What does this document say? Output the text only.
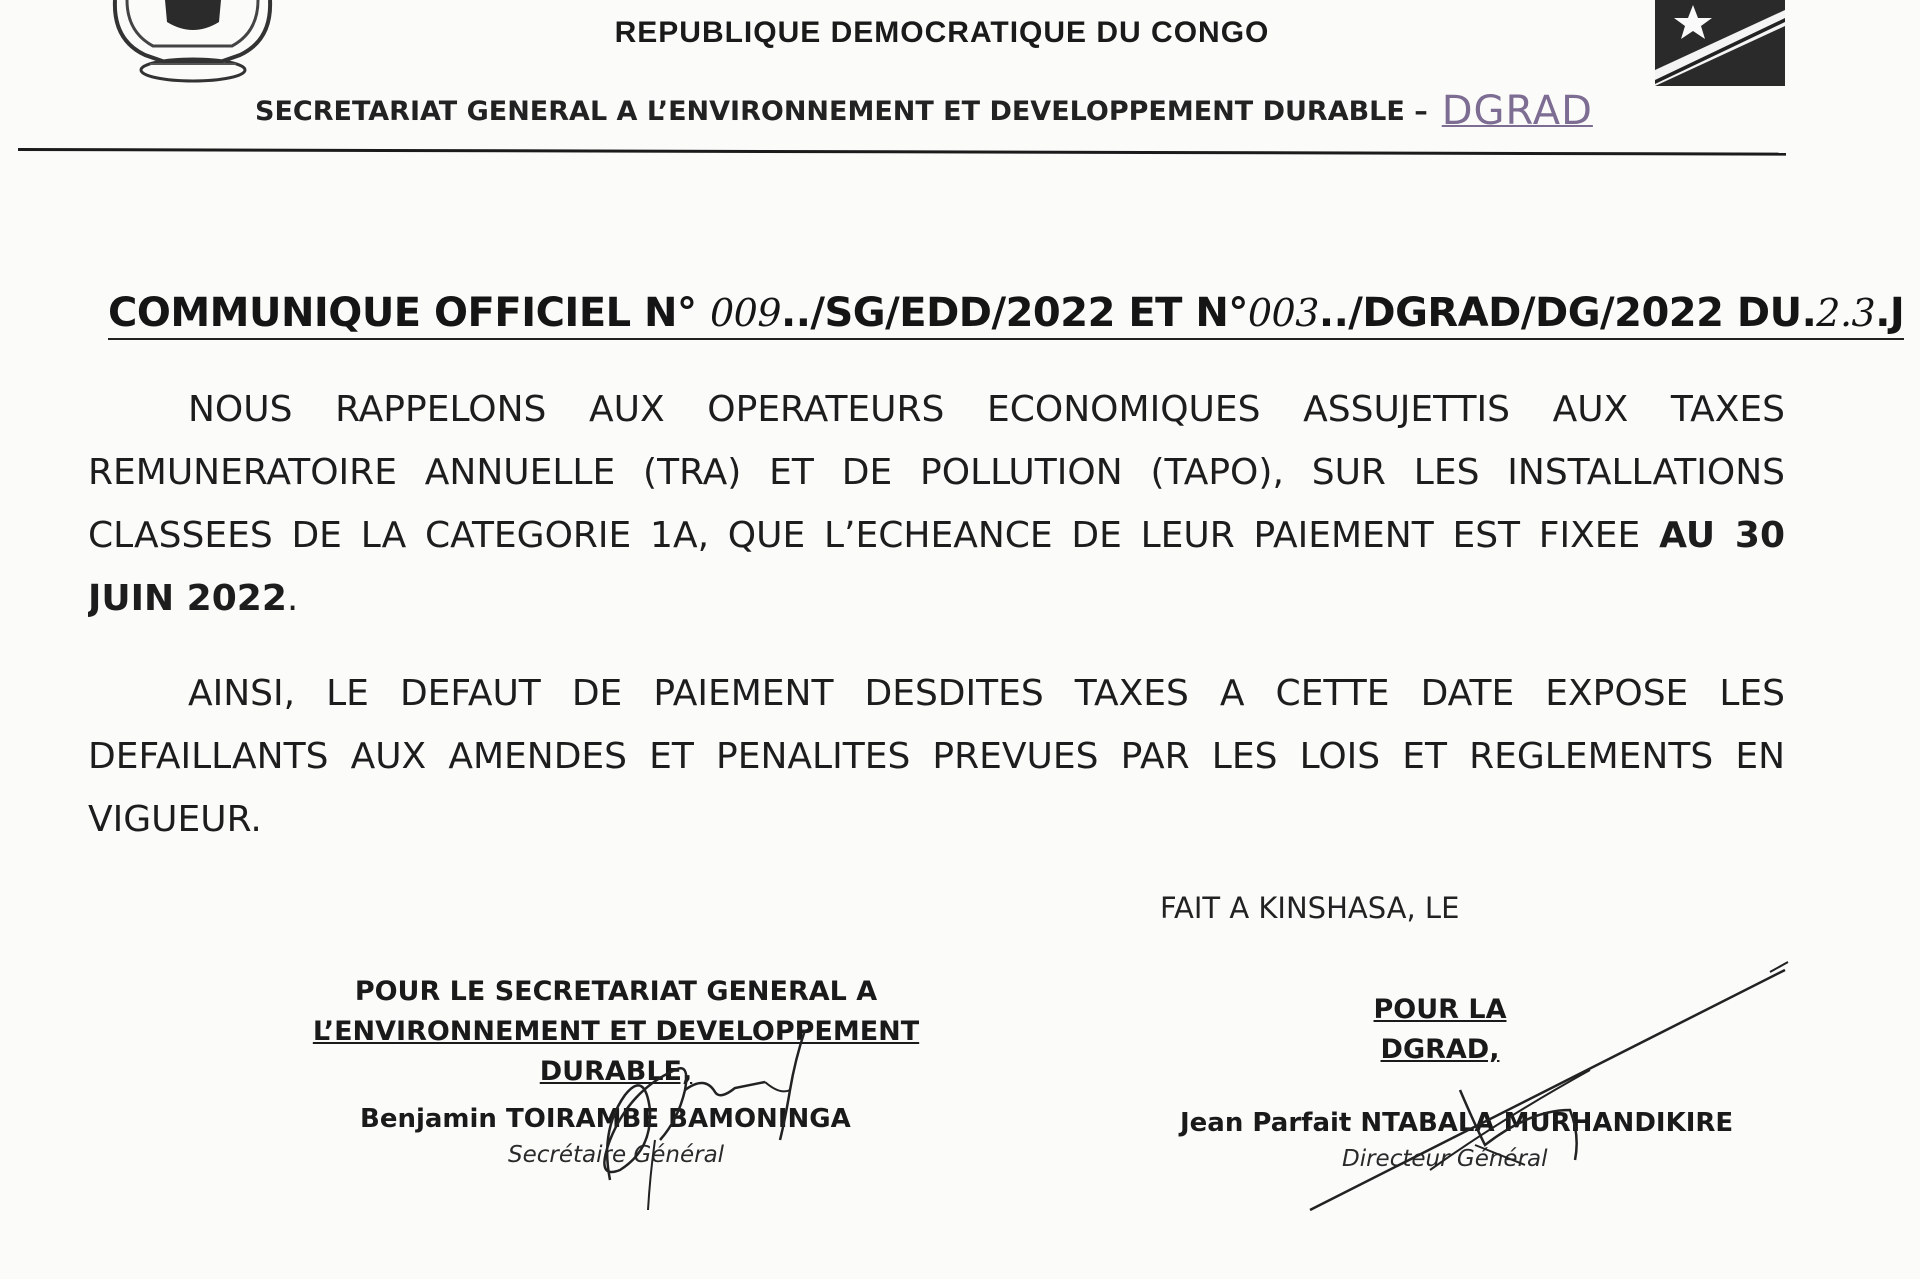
REPUBLIQUE DEMOCRATIQUE DU CONGO
SECRETARIAT GENERAL A L’ENVIRONNEMENT ET DEVELOPPEMENT DURABLE – DGRAD
COMMUNIQUE OFFICIEL N° 009../SG/EDD/2022 ET N°003../DGRAD/DG/2022 DU.2.3.J
NOUS RAPPELONS AUX OPERATEURS ECONOMIQUES ASSUJETTIS AUX TAXES REMUNERATOIRE ANNUELLE (TRA) ET DE POLLUTION (TAPO), SUR LES INSTALLATIONS CLASSEES DE LA CATEGORIE 1A, QUE L’ECHEANCE DE LEUR PAIEMENT EST FIXEE AU 30 JUIN 2022.
AINSI, LE DEFAUT DE PAIEMENT DESDITES TAXES A CETTE DATE EXPOSE LES DEFAILLANTS AUX AMENDES ET PENALITES PREVUES PAR LES LOIS ET REGLEMENTS EN VIGUEUR.
FAIT A KINSHASA, LE
POUR LE SECRETARIAT GENERAL A
L’ENVIRONNEMENT ET DEVELOPPEMENT DURABLE,
Benjamin TOIRAMBE BAMONINGA
Secrétaire Général
POUR LA DGRAD,
Jean Parfait NTABALA MURHANDIKIRE
Directeur Général
